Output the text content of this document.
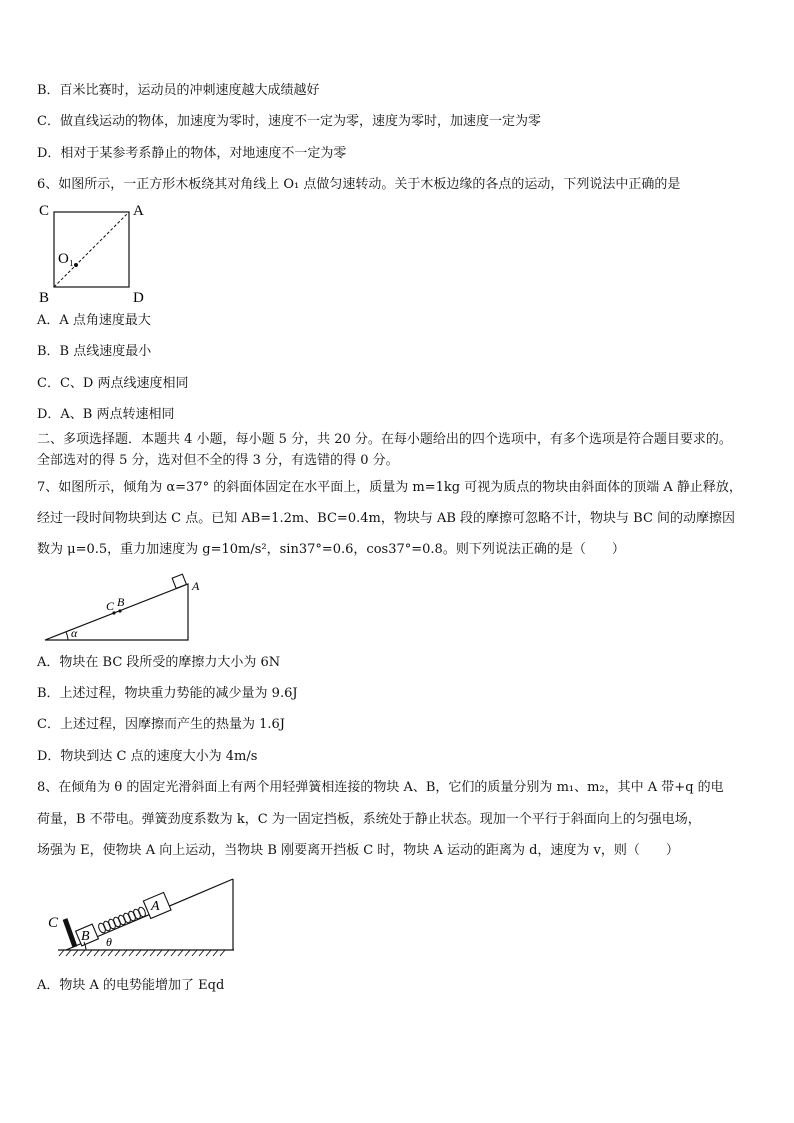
B．百米比赛时，运动员的冲刺速度越大成绩越好
C．做直线运动的物体，加速度为零时，速度不一定为零，速度为零时，加速度一定为零
D．相对于某参考系静止的物体，对地速度不一定为零
6、如图所示，一正方形木板绕其对角线上 O₁ 点做匀速转动。关于木板边缘的各点的运动，下列说法中正确的是
C	A
B	D
O₁
A．A 点角速度最大
B．B 点线速度最小
C．C、D 两点线速度相同
D．A、B 两点转速相同
二、多项选择题．本题共 4 小题，每小题 5 分，共 20 分。在每小题给出的四个选项中，有多个选项是符合题目要求的。
全部选对的得 5 分，选对但不全的得 3 分，有选错的得 0 分。
7、如图所示，倾角为 α=37° 的斜面体固定在水平面上，质量为 m=1kg 可视为质点的物块由斜面体的顶端 A 静止释放，
经过一段时间物块到达 C 点。已知 AB=1.2m、BC=0.4m，物块与 AB 段的摩擦可忽略不计，物块与 BC 间的动摩擦因
数为 μ=0.5，重力加速度为 g=10m/s²，sin37°=0.6，cos37°=0.8。则下列说法正确的是（　　）
A
B
C
α
A．物块在 BC 段所受的摩擦力大小为 6N
B．上述过程，物块重力势能的减少量为 9.6J
C．上述过程，因摩擦而产生的热量为 1.6J
D．物块到达 C 点的速度大小为 4m/s
8、在倾角为 θ 的固定光滑斜面上有两个用轻弹簧相连接的物块 A、B，它们的质量分别为 m₁、m₂，其中 A 带+q 的电
荷量，B 不带电。弹簧劲度系数为 k，C 为一固定挡板，系统处于静止状态。现加一个平行于斜面向上的匀强电场，
场强为 E，使物块 A 向上运动，当物块 B 刚要离开挡板 C 时，物块 A 运动的距离为 d，速度为 v，则（　　）
C
B
A
θ
A．物块 A 的电势能增加了 Eqd
